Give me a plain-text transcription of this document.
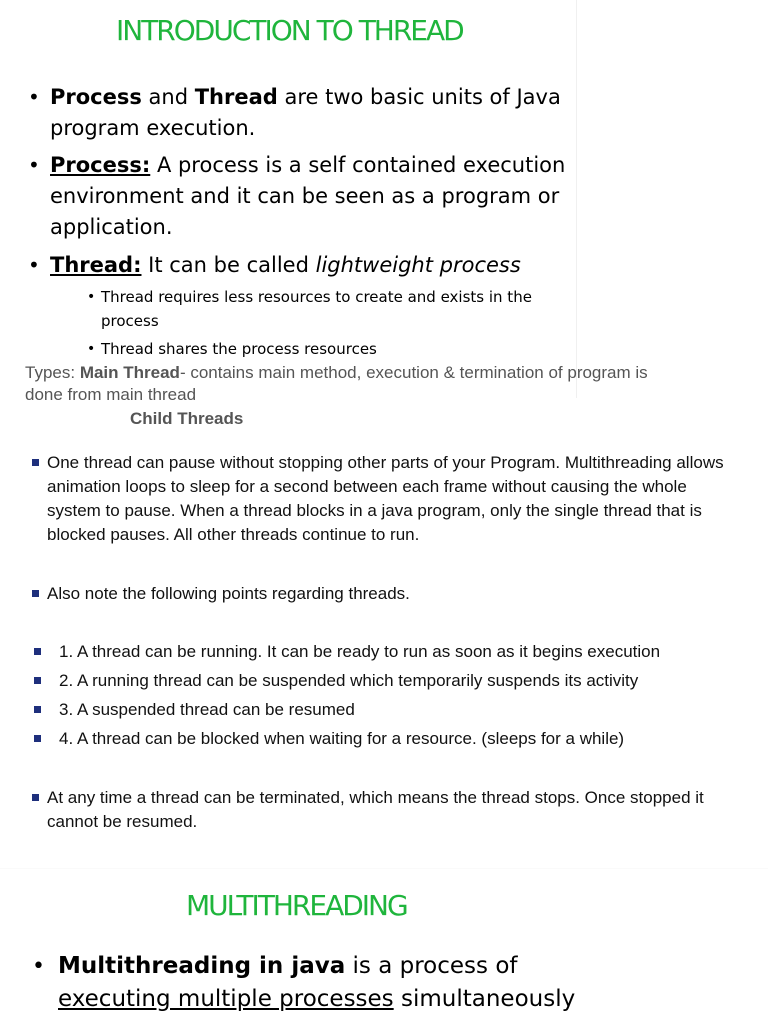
INTRODUCTION TO THREAD
• Process and Thread are two basic units of Java
program execution.
• Process: A process is a self contained execution
environment and it can be seen as a program or
application.
• Thread: It can be called lightweight process
• Thread requires less resources to create and exists in the
process
• Thread shares the process resources
Types: Main Thread- contains main method, execution & termination of program is
done from main thread
Child Threads
One thread can pause without stopping other parts of your Program. Multithreading allows
animation loops to sleep for a second between each frame without causing the whole
system to pause. When a thread blocks in a java program, only the single thread that is
blocked pauses. All other threads continue to run.
Also note the following points regarding threads.
1. A thread can be running. It can be ready to run as soon as it begins execution
2. A running thread can be suspended which temporarily suspends its activity
3. A suspended thread can be resumed
4. A thread can be blocked when waiting for a resource. (sleeps for a while)
At any time a thread can be terminated, which means the thread stops. Once stopped it
cannot be resumed.
MULTITHREADING
• Multithreading in java is a process of
executing multiple processes simultaneously
